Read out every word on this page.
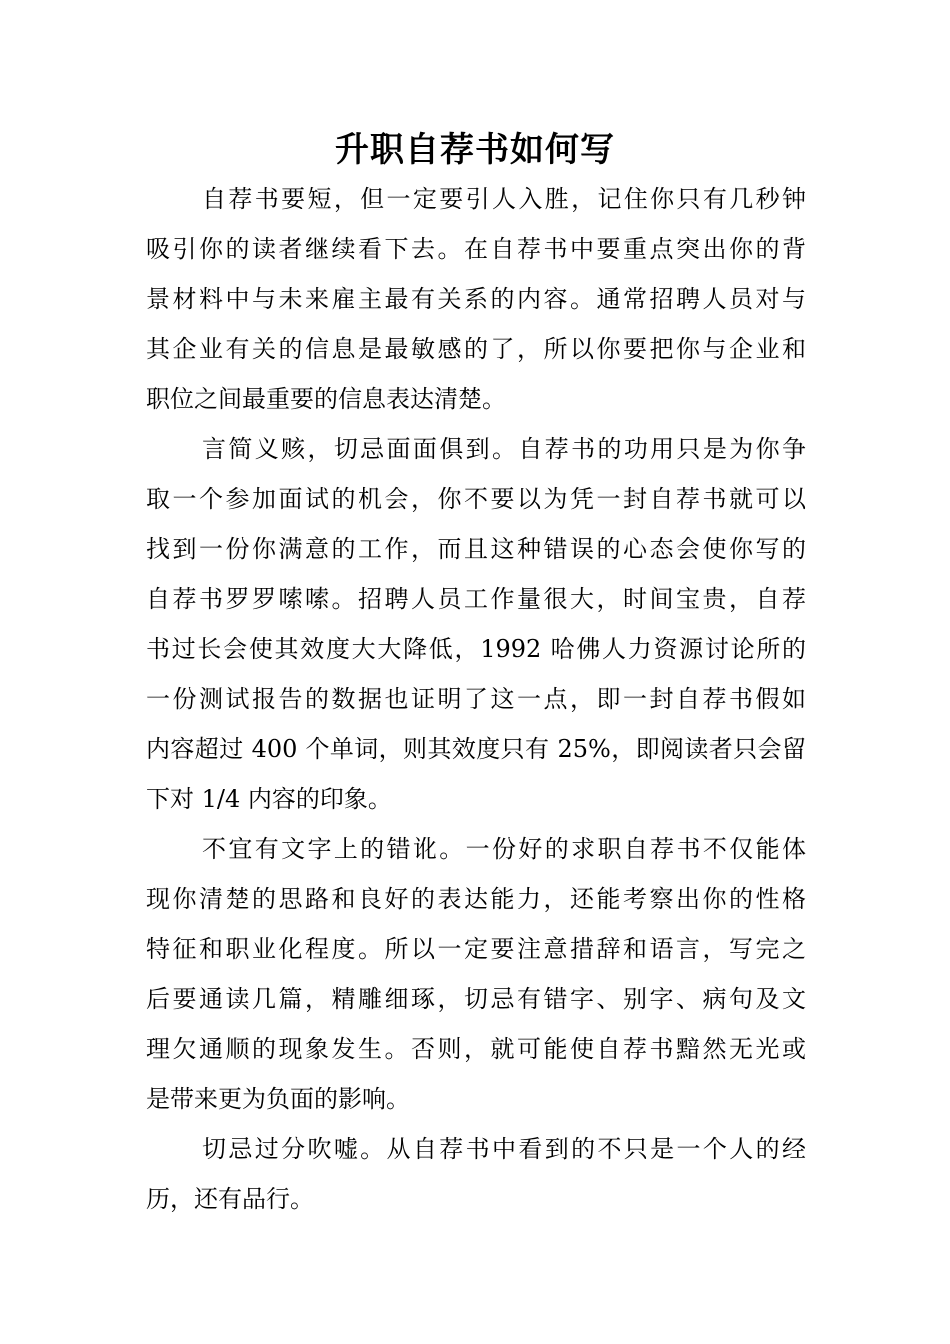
升职自荐书如何写

自荐书要短，但一定要引人入胜，记住你只有几秒钟

吸引你的读者继续看下去。在自荐书中要重点突出你的背

景材料中与未来雇主最有关系的内容。通常招聘人员对与

其企业有关的信息是最敏感的了，所以你要把你与企业和

职位之间最重要的信息表达清楚。

言简义赅，切忌面面俱到。自荐书的功用只是为你争

取一个参加面试的机会，你不要以为凭一封自荐书就可以

找到一份你满意的工作，而且这种错误的心态会使你写的

自荐书罗罗嗦嗦。招聘人员工作量很大，时间宝贵，自荐

书过长会使其效度大大降低，1992 哈佛人力资源讨论所的

一份测试报告的数据也证明了这一点，即一封自荐书假如

内容超过 400 个单词，则其效度只有 25%，即阅读者只会留

下对 1/4 内容的印象。

不宜有文字上的错讹。一份好的求职自荐书不仅能体

现你清楚的思路和良好的表达能力，还能考察出你的性格

特征和职业化程度。所以一定要注意措辞和语言，写完之

后要通读几篇，精雕细琢，切忌有错字、别字、病句及文

理欠通顺的现象发生。否则，就可能使自荐书黯然无光或

是带来更为负面的影响。

切忌过分吹嘘。从自荐书中看到的不只是一个人的经

历，还有品行。
